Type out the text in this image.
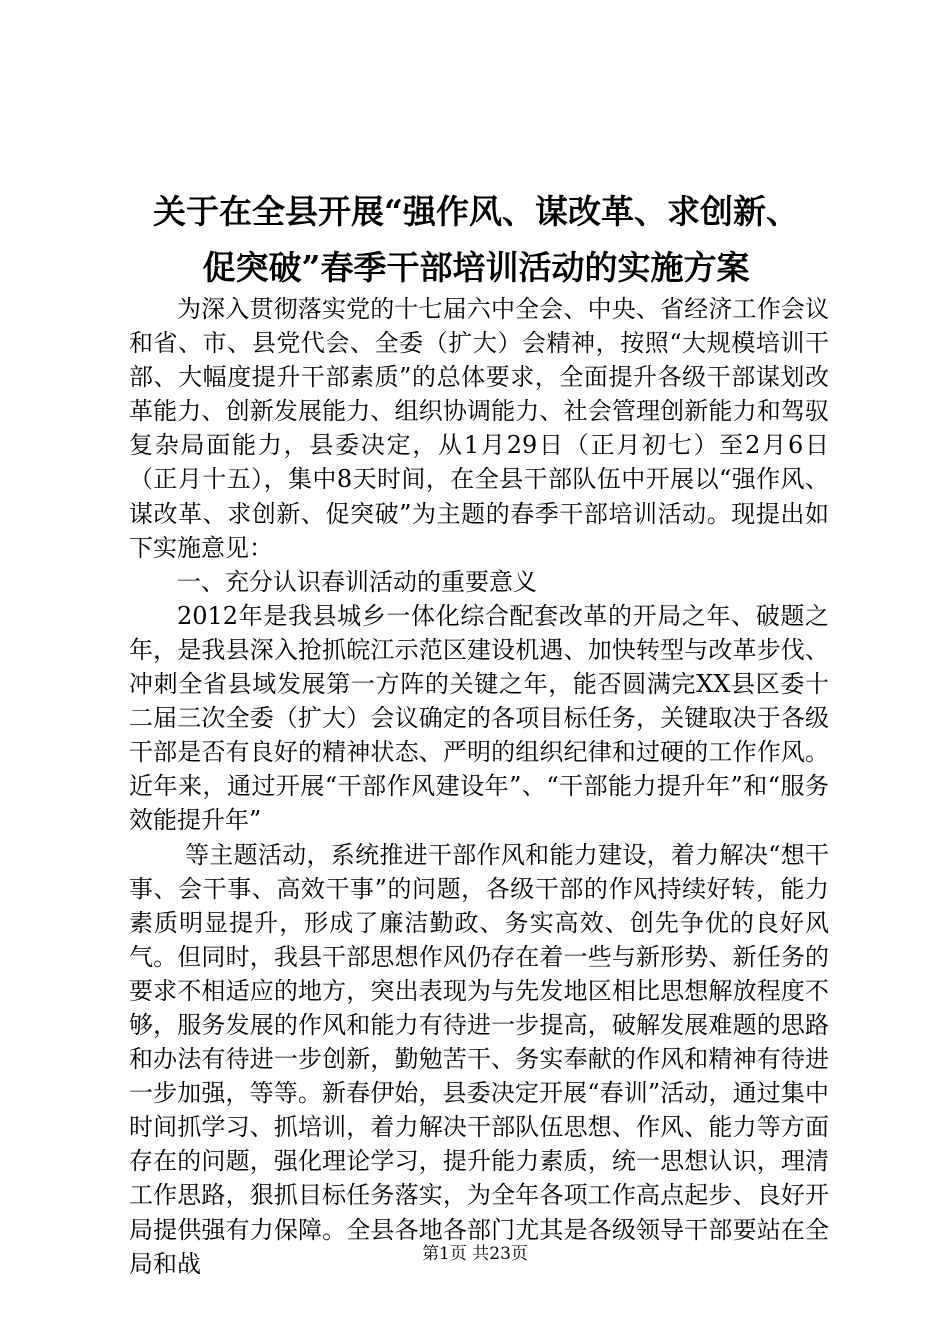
关于在全县开展“强作风、谋改革、求创新、
促突破”春季干部培训活动的实施方案

为深入贯彻落实党的十七届六中全会、中央、省经济工作会议和省、市、县党代会、全委（扩大）会精神，按照“大规模培训干部、大幅度提升干部素质”的总体要求，全面提升各级干部谋划改革能力、创新发展能力、组织协调能力、社会管理创新能力和驾驭复杂局面能力，县委决定，从1月29日（正月初七）至2月6日（正月十五），集中8天时间，在全县干部队伍中开展以“强作风、谋改革、求创新、促突破”为主题的春季干部培训活动。现提出如下实施意见：

一、充分认识春训活动的重要意义

2012年是我县城乡一体化综合配套改革的开局之年、破题之年，是我县深入抢抓皖江示范区建设机遇、加快转型与改革步伐、冲刺全省县域发展第一方阵的关键之年，能否圆满完XX县区委十二届三次全委（扩大）会议确定的各项目标任务，关键取决于各级干部是否有良好的精神状态、严明的组织纪律和过硬的工作作风。近年来，通过开展“干部作风建设年”、“干部能力提升年”和“服务效能提升年”

等主题活动，系统推进干部作风和能力建设，着力解决“想干事、会干事、高效干事”的问题，各级干部的作风持续好转，能力素质明显提升，形成了廉洁勤政、务实高效、创先争优的良好风气。但同时，我县干部思想作风仍存在着一些与新形势、新任务的要求不相适应的地方，突出表现为与先发地区相比思想解放程度不够，服务发展的作风和能力有待进一步提高，破解发展难题的思路和办法有待进一步创新，勤勉苦干、务实奉献的作风和精神有待进一步加强，等等。新春伊始，县委决定开展“春训”活动，通过集中时间抓学习、抓培训，着力解决干部队伍思想、作风、能力等方面存在的问题，强化理论学习，提升能力素质，统一思想认识，理清工作思路，狠抓目标任务落实，为全年各项工作高点起步、良好开局提供强有力保障。全县各地各部门尤其是各级领导干部要站在全局和战	第1页 共23页
